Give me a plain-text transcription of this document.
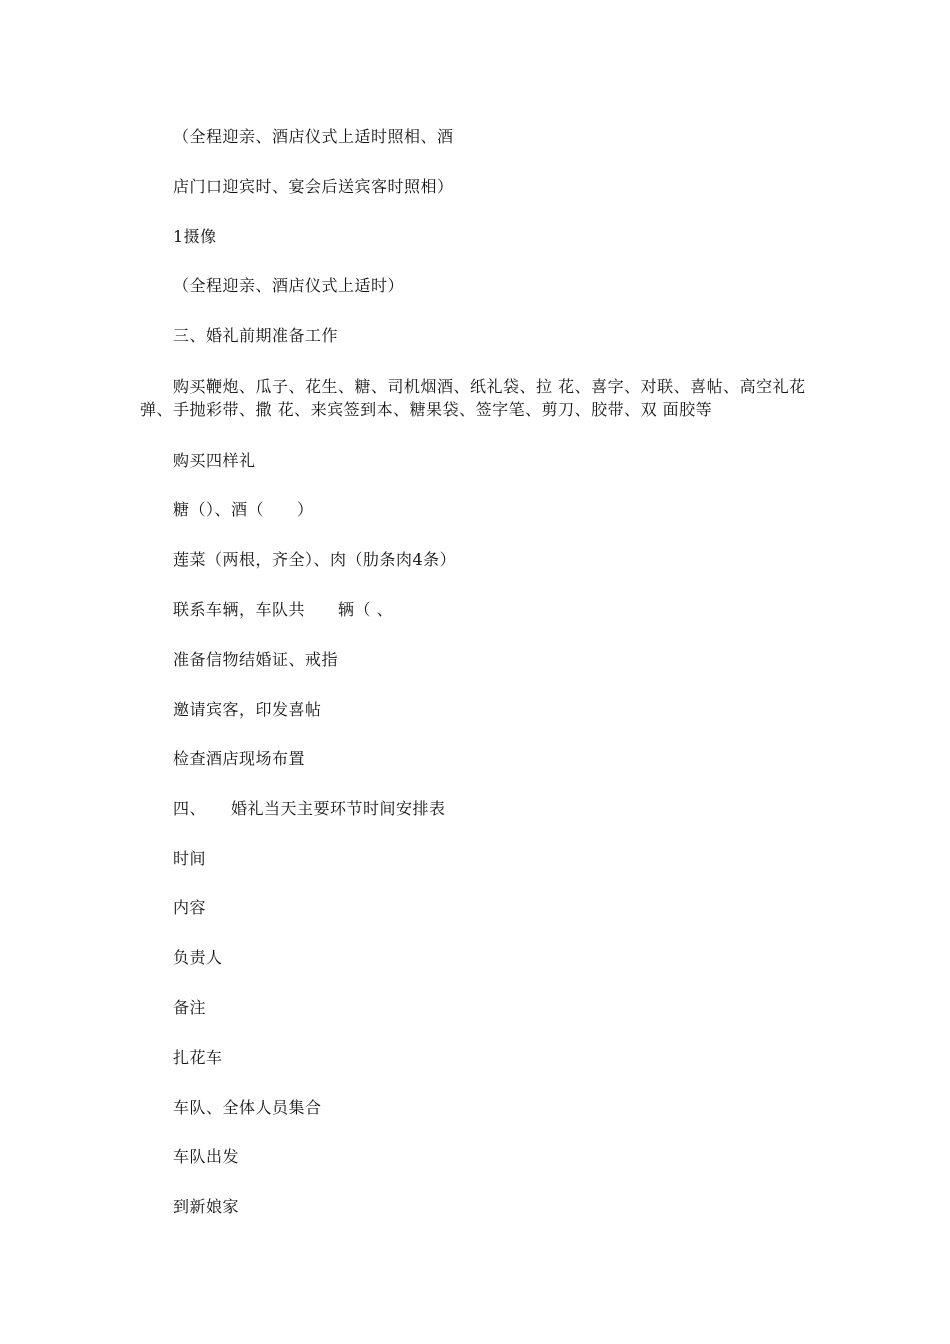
（全程迎亲、酒店仪式上适时照相、酒
店门口迎宾时、宴会后送宾客时照相）
1摄像
（全程迎亲、酒店仪式上适时）
三、婚礼前期准备工作
购买鞭炮、瓜子、花生、糖、司机烟酒、纸礼袋、拉 花、喜字、对联、喜帖、高空礼花弹、手抛彩带、撒 花、来宾签到本、糖果袋、签字笔、剪刀、胶带、双 面胶等
购买四样礼
糖（）、酒（　　）
莲菜（两根，齐全）、肉（肋条肉4条）
联系车辆，车队共　　辆（ 、
准备信物结婚证、戒指
邀请宾客，印发喜帖
检查酒店现场布置
四、　　婚礼当天主要环节时间安排表
时间
内容
负责人
备注
扎花车
车队、全体人员集合
车队出发
到新娘家
